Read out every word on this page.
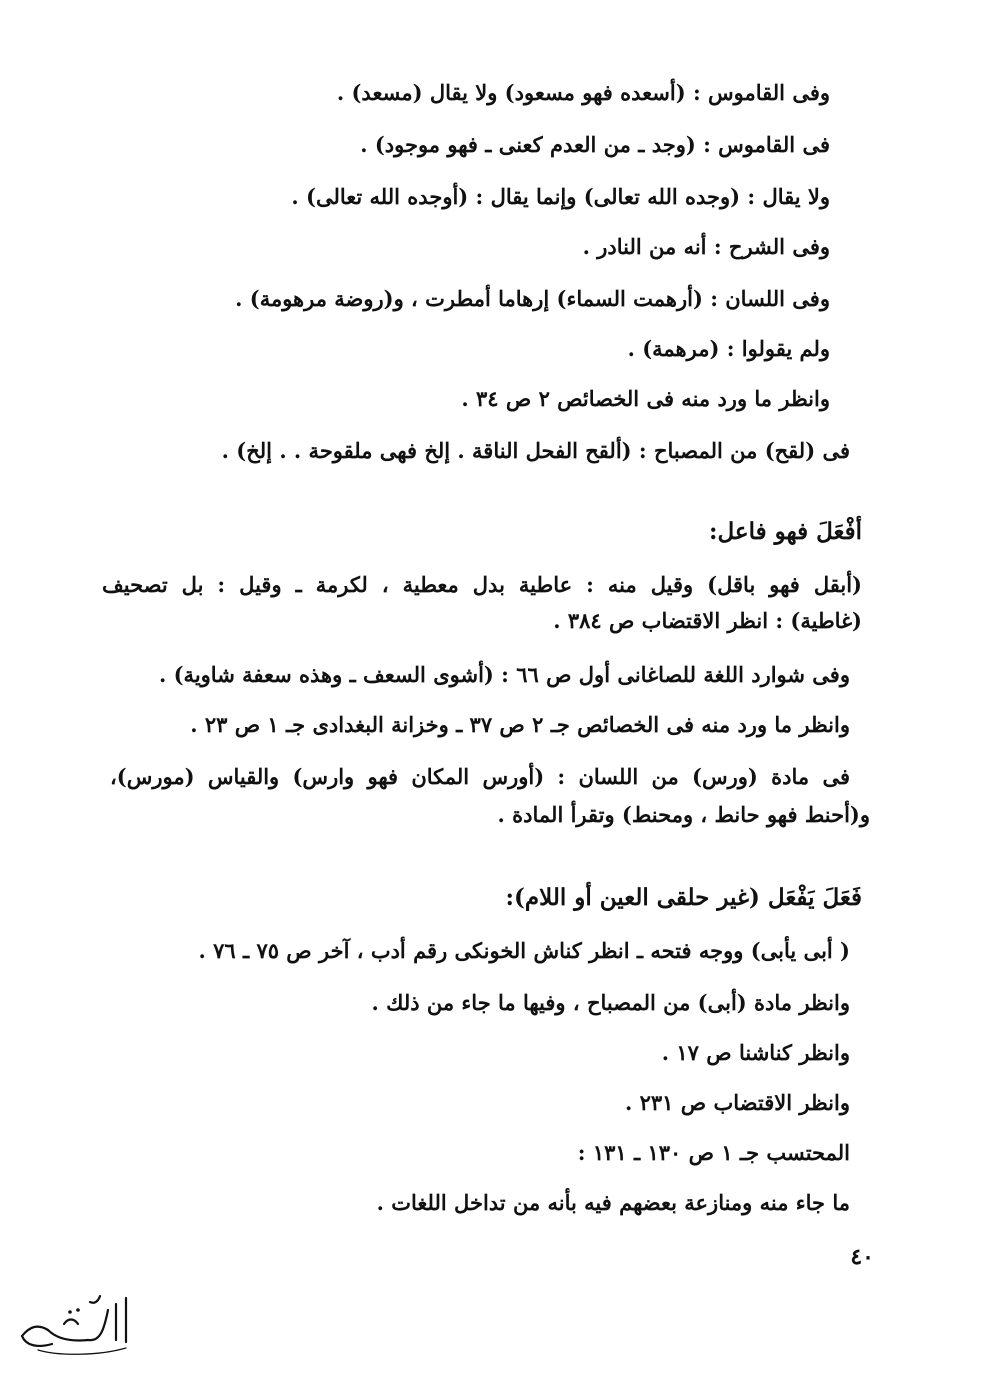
وفى القاموس : (أسعده فهو مسعود) ولا يقال (مسعد) .
فى القاموس : (وجد ـ من العدم كعنى ـ فهو موجود) .
ولا يقال : (وجده الله تعالى) وإنما يقال : (أوجده الله تعالى) .
وفى الشرح : أنه من النادر .
وفى اللسان : (أرهمت السماء) إرهاما أمطرت ، و(روضة مرهومة) .
ولم يقولوا : (مرهمة) .
وانظر ما ورد منه فى الخصائص ٢ ص ٣٤ .
فى (لقح) من المصباح : (ألقح الفحل الناقة . إلخ فهى ملقوحة . . إلخ) .
أفْعَلَ فهو فاعل:
(أبقل فهو باقل) وقيل منه : عاطية بدل معطية ، لكرمة ـ وقيل : بل تصحيف
(غاطية) : انظر الاقتضاب ص ٣٨٤ .
وفى شوارد اللغة للصاغانى أول ص ٦٦ : (أشوى السعف ـ وهذه سعفة شاوية) .
وانظر ما ورد منه فى الخصائص جـ ٢ ص ٣٧ ـ وخزانة البغدادى جـ ١ ص ٢٣ .
فى مادة (ورس) من اللسان : (أورس المكان فهو وارس) والقياس (مورس)،
و(أحنط فهو حانط ، ومحنط) وتقرأ المادة .
فَعَلَ يَفْعَل (غير حلقى العين أو اللام):
( أبى يأبى) ووجه فتحه ـ انظر كناش الخونكى رقم أدب ، آخر ص ٧٥ ـ ٧٦ .
وانظر مادة (أبى) من المصباح ، وفيها ما جاء من ذلك .
وانظر كناشنا ص ١٧ .
وانظر الاقتضاب ص ٢٣١ .
المحتسب جـ ١ ص ١٣٠ ـ ١٣١ :
ما جاء منه ومنازعة بعضهم فيه بأنه من تداخل اللغات .
٤٠
